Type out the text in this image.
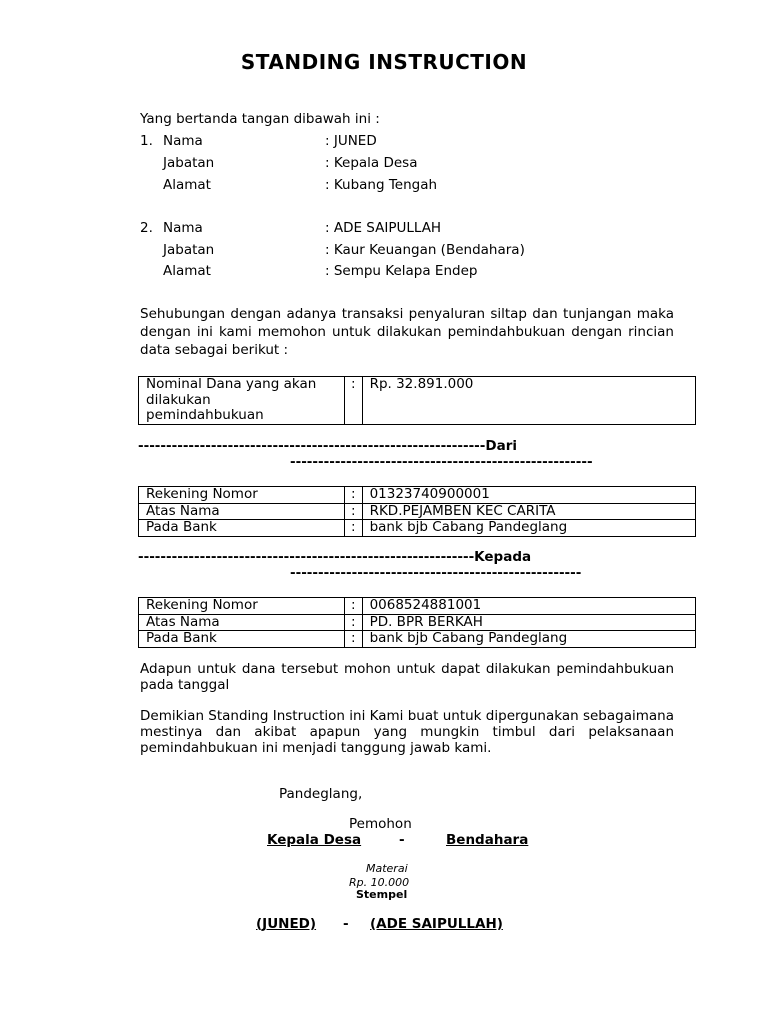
STANDING INSTRUCTION
Yang bertanda tangan dibawah ini :
1. Nama	: JUNED
Jabatan	: Kepala Desa
Alamat	: Kubang Tengah
2. Nama	: ADE SAIPULLAH
Jabatan	: Kaur Keuangan (Bendahara)
Alamat	: Sempu Kelapa Endep
Sehubungan dengan adanya transaksi penyaluran siltap dan tunjangan maka dengan ini kami memohon untuk dilakukan pemindahbukuan dengan rincian data sebagai berikut :
Nominal Dana yang akan
dilakukan
pemindahbukuan
	:	Rp. 32.891.000
--------------------------------------------------------------Dari
------------------------------------------------------
Rekening Nomor	:	01323740900001
Atas Nama	:	RKD.PEJAMBEN KEC CARITA
Pada Bank	:	bank bjb Cabang Pandeglang
------------------------------------------------------------Kepada
----------------------------------------------------
Rekening Nomor	:	0068524881001
Atas Nama	:	PD. BPR BERKAH
Pada Bank	:	bank bjb Cabang Pandeglang
Adapun untuk dana tersebut mohon untuk dapat dilakukan pemindahbukuan pada tanggal
Demikian Standing Instruction ini Kami buat untuk dipergunakan sebagaimana mestinya dan akibat apapun yang mungkin timbul dari pelaksanaan pemindahbukuan ini menjadi tanggung jawab kami.
Pandeglang,
Pemohon
Kepala Desa	-	Bendahara
Materai
Rp. 10.000
Stempel
(JUNED) - (ADE SAIPULLAH)
